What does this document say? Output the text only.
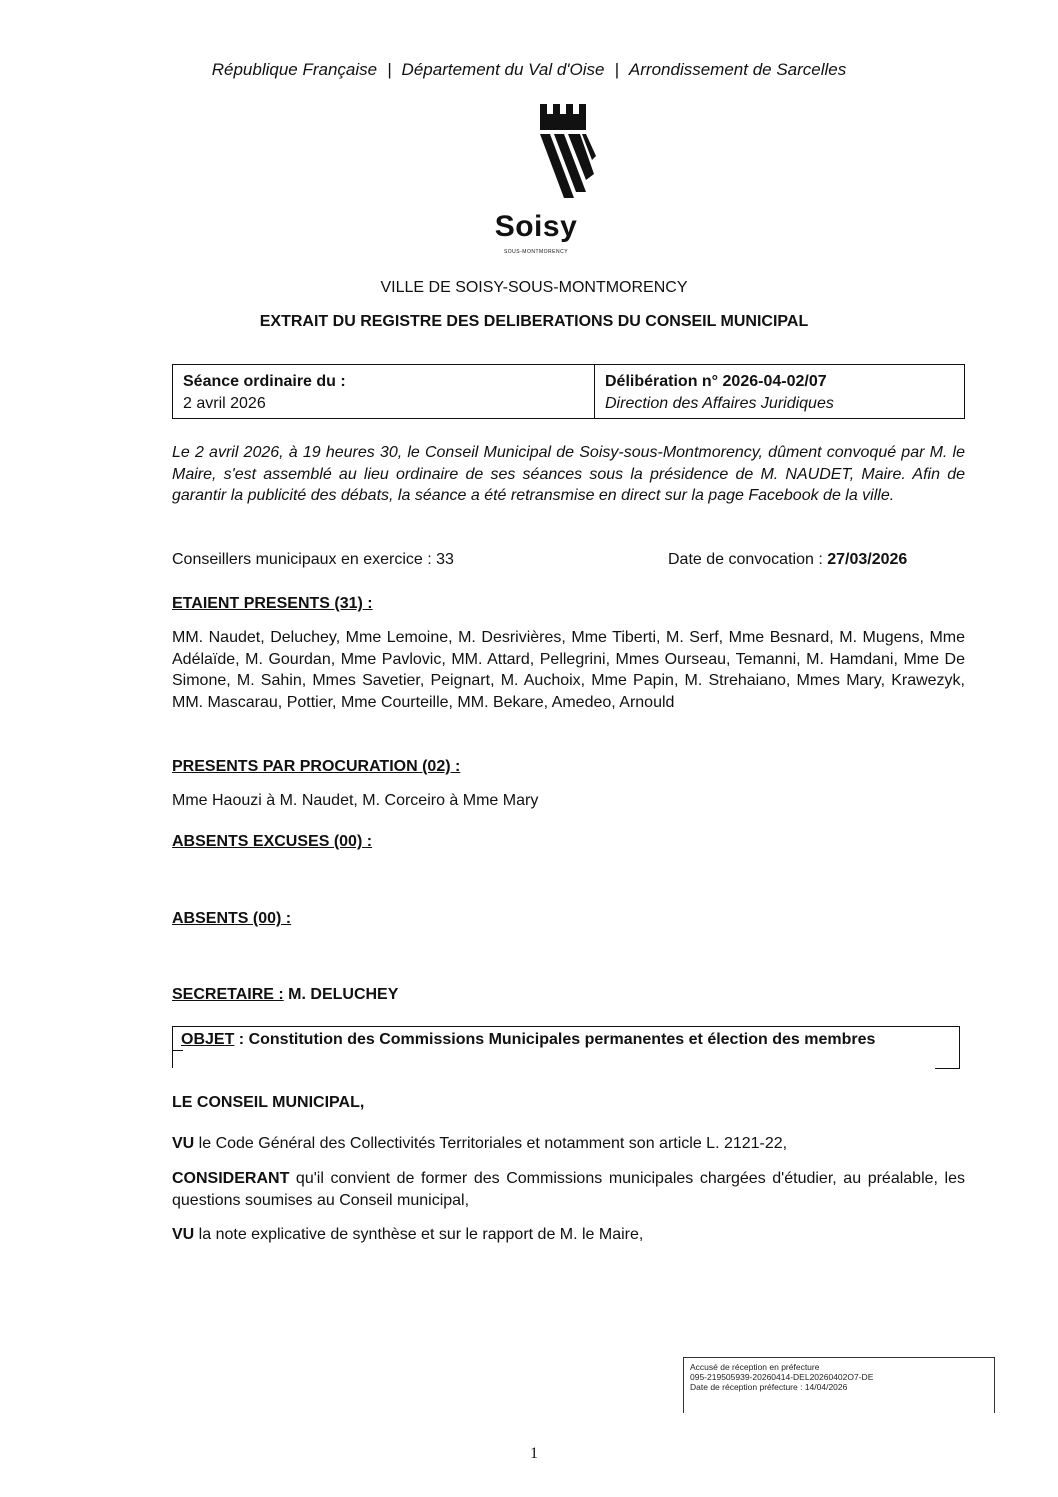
République Française | Département du Val d'Oise | Arrondissement de Sarcelles
Soisy
SOUS-MONTMORENCY
VILLE DE SOISY-SOUS-MONTMORENCY
EXTRAIT DU REGISTRE DES DELIBERATIONS DU CONSEIL MUNICIPAL
Séance ordinaire du :
2 avril 2026
Délibération n° 2026-04-02/07
Direction des Affaires Juridiques
Le 2 avril 2026, à 19 heures 30, le Conseil Municipal de Soisy-sous-Montmorency, dûment convoqué par M. le Maire, s'est assemblé au lieu ordinaire de ses séances sous la présidence de M. NAUDET, Maire. Afin de garantir la publicité des débats, la séance a été retransmise en direct sur la page Facebook de la ville.
Conseillers municipaux en exercice : 33	Date de convocation : 27/03/2026
ETAIENT PRESENTS (31) :
MM. Naudet, Deluchey, Mme Lemoine, M. Desrivières, Mme Tiberti, M. Serf, Mme Besnard, M. Mugens, Mme Adélaïde, M. Gourdan, Mme Pavlovic, MM. Attard, Pellegrini, Mmes Ourseau, Temanni, M. Hamdani, Mme De Simone, M. Sahin, Mmes Savetier, Peignart, M. Auchoix, Mme Papin, M. Strehaiano, Mmes Mary, Krawezyk, MM. Mascarau, Pottier, Mme Courteille, MM. Bekare, Amedeo, Arnould
PRESENTS PAR PROCURATION (02) :
Mme Haouzi à M. Naudet, M. Corceiro à Mme Mary
ABSENTS EXCUSES (00) :
ABSENTS (00) :
SECRETAIRE : M. DELUCHEY
OBJET : Constitution des Commissions Municipales permanentes et élection des membres
LE CONSEIL MUNICIPAL,
VU le Code Général des Collectivités Territoriales et notamment son article L. 2121-22,
CONSIDERANT qu'il convient de former des Commissions municipales chargées d'étudier, au préalable, les questions soumises au Conseil municipal,
VU la note explicative de synthèse et sur le rapport de M. le Maire,
Accusé de réception en préfecture
095-219505939-20260414-DEL20260402O7-DE
Date de réception préfecture : 14/04/2026
1
